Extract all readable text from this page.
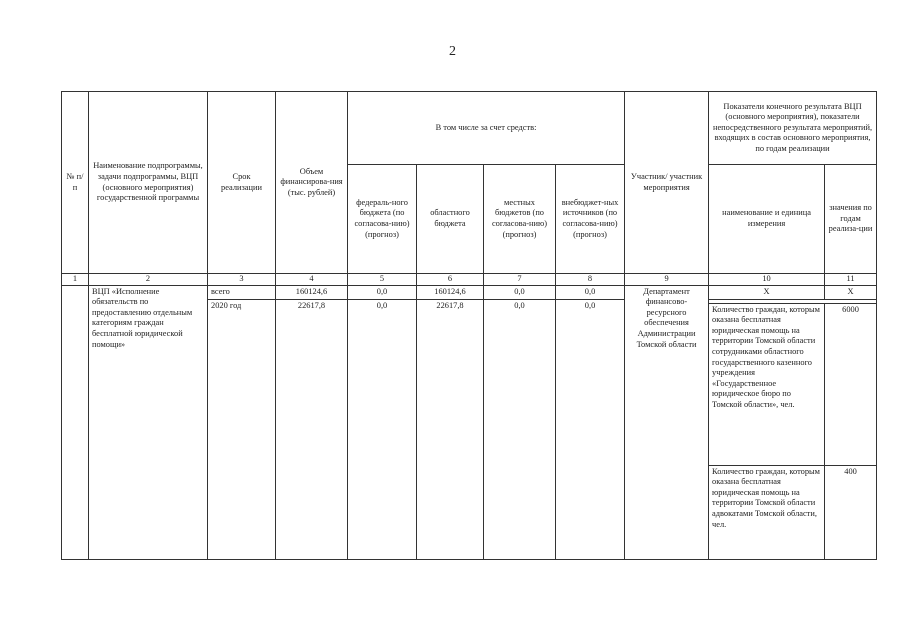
2
№ п/п	Наименование подпрограммы, задачи подпрограммы, ВЦП (основного мероприятия) государственной программы	Срок реализации	Объем финансирова-ния (тыс. рублей)	В том числе за счет средств:				Участник/ участник мероприятия	Показатели конечного результата ВЦП (основного мероприятия), показатели непосредственного результата мероприятий, входящих в состав основного мероприятия, по годам реализации	
				федераль-ного бюджета (по согласова-нию) (прогноз)	областного бюджета	местных бюджетов (по согласова-нию) (прогноз)	внебюджет-ных источников (по согласова-нию) (прогноз)		наименование и единица измерения	значения по годам реализа-ции
1	2	3	4	5	6	7	8	9	10	11
	ВЦП «Исполнение обязательств по предоставлению отдельным категориям граждан бесплатной юридической помощи»	всего	160124,6	0,0	160124,6	0,0	0,0	Департамент финансово-ресурсного обеспечения Администрации Томской области	X	X
		2020 год	22617,8	0,0	22617,8	0,0	0,0			
									Количество граждан, которым оказана бесплатная юридическая помощь на территории Томской области сотрудниками областного государственного казенного учреждения «Государственное юридическое бюро по Томской области», чел.	6000
									Количество граждан, которым оказана бесплатная юридическая помощь на территории Томской области адвокатами Томской области, чел.	400
